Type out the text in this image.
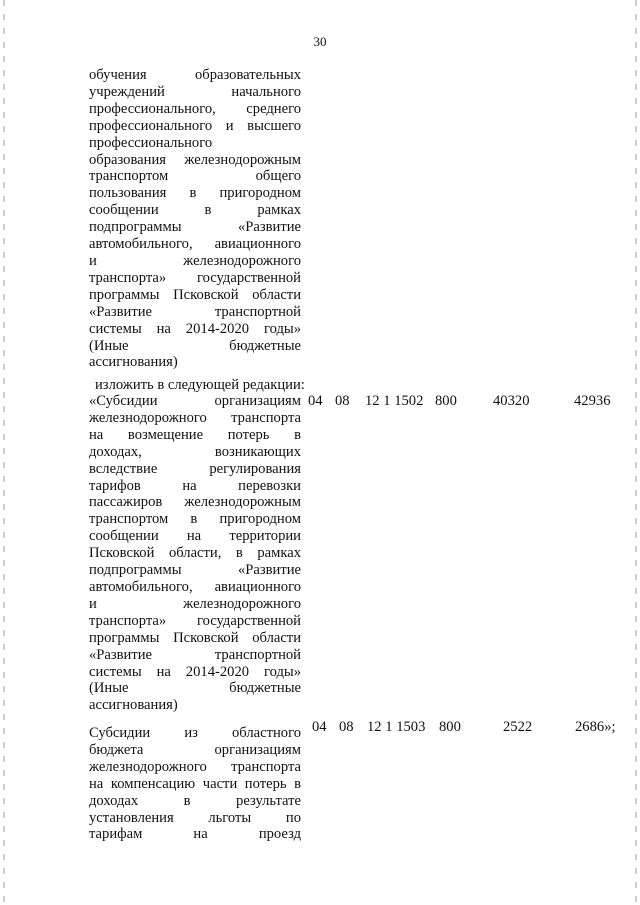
30
обучения образовательных
учреждений начального
профессионального, среднего
профессионального и высшего
профессионального
образования железнодорожным
транспортом общего
пользования в пригородном
сообщении в рамках
подпрограммы «Развитие
автомобильного, авиационного
и железнодорожного
транспорта» государственной
программы Псковской области
«Развитие транспортной
системы на 2014-2020 годы»
(Иные бюджетные
ассигнования)
изложить в следующей редакции:
«Субсидии организациям
железнодорожного транспорта
на возмещение потерь в
доходах, возникающих
вследствие регулирования
тарифов на перевозки
пассажиров железнодорожным
транспортом в пригородном
сообщении на территории
Псковской области, в рамках
подпрограммы «Развитие
автомобильного, авиационного
и железнодорожного
транспорта» государственной
программы Псковской области
«Развитие транспортной
системы на 2014-2020 годы»
(Иные бюджетные
ассигнования)
04 08 12 1 1502 800 40320	42936
Субсидии из областного
бюджета организациям
железнодорожного транспорта
на компенсацию части потерь в
доходах в результате
установления льготы по
тарифам на проезд
04 08 12 1 1503 800	2522	2686»;
